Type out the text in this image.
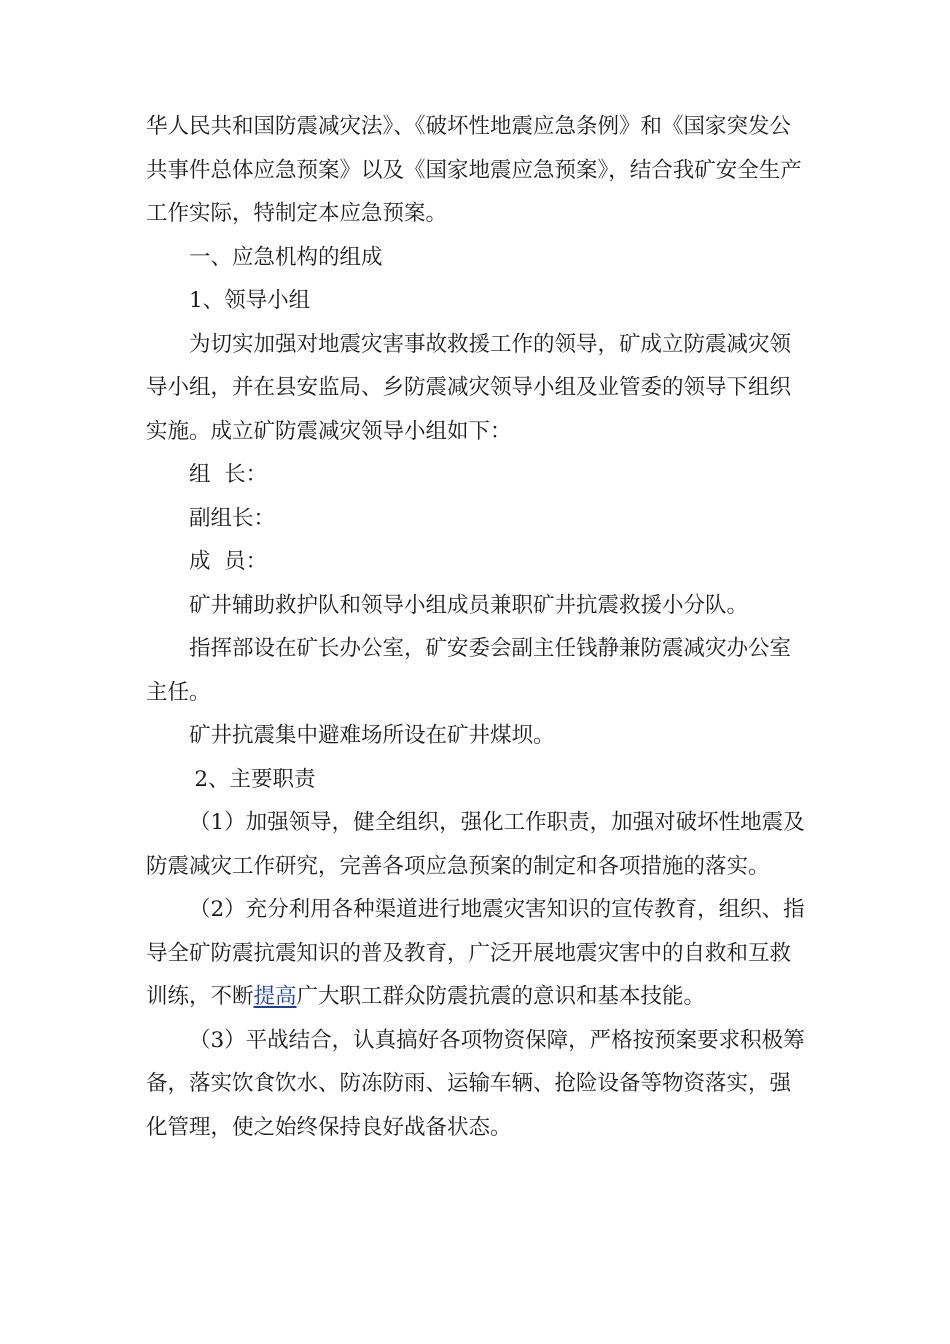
华人民共和国防震减灾法》、《破坏性地震应急条例》和《国家突发公共事件总体应急预案》以及《国家地震应急预案》，结合我矿安全生产工作实际，特制定本应急预案。

一、应急机构的组成

1、领导小组

为切实加强对地震灾害事故救援工作的领导，矿成立防震减灾领导小组，并在县安监局、乡防震减灾领导小组及业管委的领导下组织实施。成立矿防震减灾领导小组如下：

组  长：

副组长：

成  员：

矿井辅助救护队和领导小组成员兼职矿井抗震救援小分队。

指挥部设在矿长办公室，矿安委会副主任钱静兼防震减灾办公室主任。

矿井抗震集中避难场所设在矿井煤坝。

2、主要职责

（1）加强领导，健全组织，强化工作职责，加强对破坏性地震及防震减灾工作研究，完善各项应急预案的制定和各项措施的落实。

（2）充分利用各种渠道进行地震灾害知识的宣传教育，组织、指导全矿防震抗震知识的普及教育，广泛开展地震灾害中的自救和互救训练，不断提高广大职工群众防震抗震的意识和基本技能。

（3）平战结合，认真搞好各项物资保障，严格按预案要求积极筹备，落实饮食饮水、防冻防雨、运输车辆、抢险设备等物资落实，强化管理，使之始终保持良好战备状态。
